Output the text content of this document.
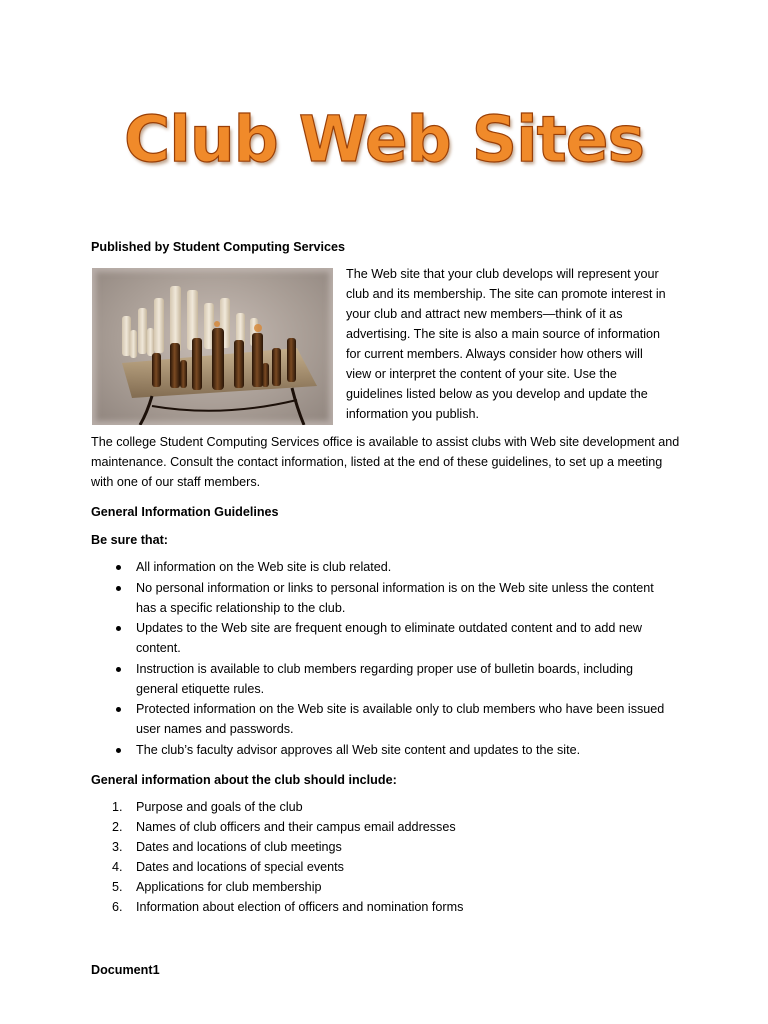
Club Web Sites
Published by Student Computing Services
The Web site that your club develops will represent your
club and its membership. The site can promote interest in
your club and attract new members—think of it as
advertising. The site is also a main source of information
for current members. Always consider how others will
view or interpret the content of your site. Use the
guidelines listed below as you develop and update the
information you publish.
The college Student Computing Services office is available to assist clubs with Web site development and
maintenance. Consult the contact information, listed at the end of these guidelines, to set up a meeting
with one of our staff members.
General Information Guidelines
Be sure that:
All information on the Web site is club related.
No personal information or links to personal information is on the Web site unless the content
has a specific relationship to the club.
Updates to the Web site are frequent enough to eliminate outdated content and to add new
content.
Instruction is available to club members regarding proper use of bulletin boards, including
general etiquette rules.
Protected information on the Web site is available only to club members who have been issued
user names and passwords.
The club’s faculty advisor approves all Web site content and updates to the site.
General information about the club should include:
1. Purpose and goals of the club
2. Names of club officers and their campus email addresses
3. Dates and locations of club meetings
4. Dates and locations of special events
5. Applications for club membership
6. Information about election of officers and nomination forms
Document1
